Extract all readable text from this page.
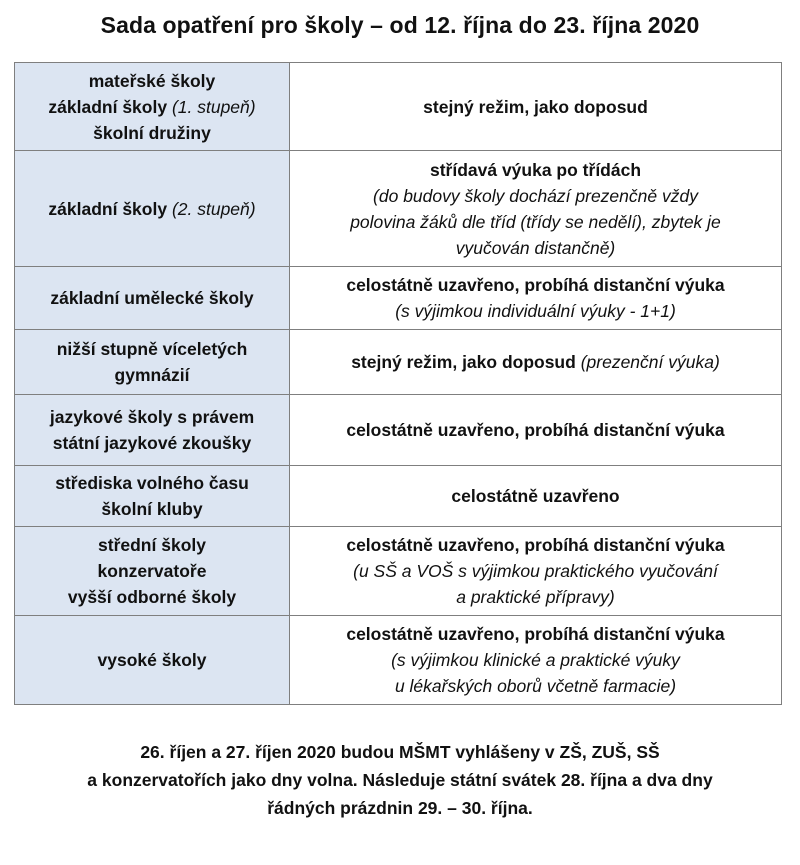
Sada opatření pro školy – od 12. října do 23. října 2020
mateřské školy
základní školy (1. stupeň)
školní družiny	stejný režim, jako doposud

základní školy (2. stupeň)	střídavá výuka po třídách
(do budovy školy dochází prezenčně vždy
polovina žáků dle tříd (třídy se nedělí), zbytek je
vyučován distančně)

základní umělecké školy	celostátně uzavřeno, probíhá distanční výuka
(s výjimkou individuální výuky - 1+1)

nižší stupně víceletých
gymnázií	stejný režim, jako doposud (prezenční výuka)

jazykové školy s právem
státní jazykové zkoušky	celostátně uzavřeno, probíhá distanční výuka

střediska volného času
školní kluby	celostátně uzavřeno

střední školy
konzervatoře
vyšší odborné školy	celostátně uzavřeno, probíhá distanční výuka
(u SŠ a VOŠ s výjimkou praktického vyučování
a praktické přípravy)

vysoké školy	celostátně uzavřeno, probíhá distanční výuka
(s výjimkou klinické a praktické výuky
u lékařských oborů včetně farmacie)
26. říjen a 27. říjen 2020 budou MŠMT vyhlášeny v ZŠ, ZUŠ, SŠ
a konzervatořích jako dny volna. Následuje státní svátek 28. října a dva dny
řádných prázdnin 29. – 30. října.
